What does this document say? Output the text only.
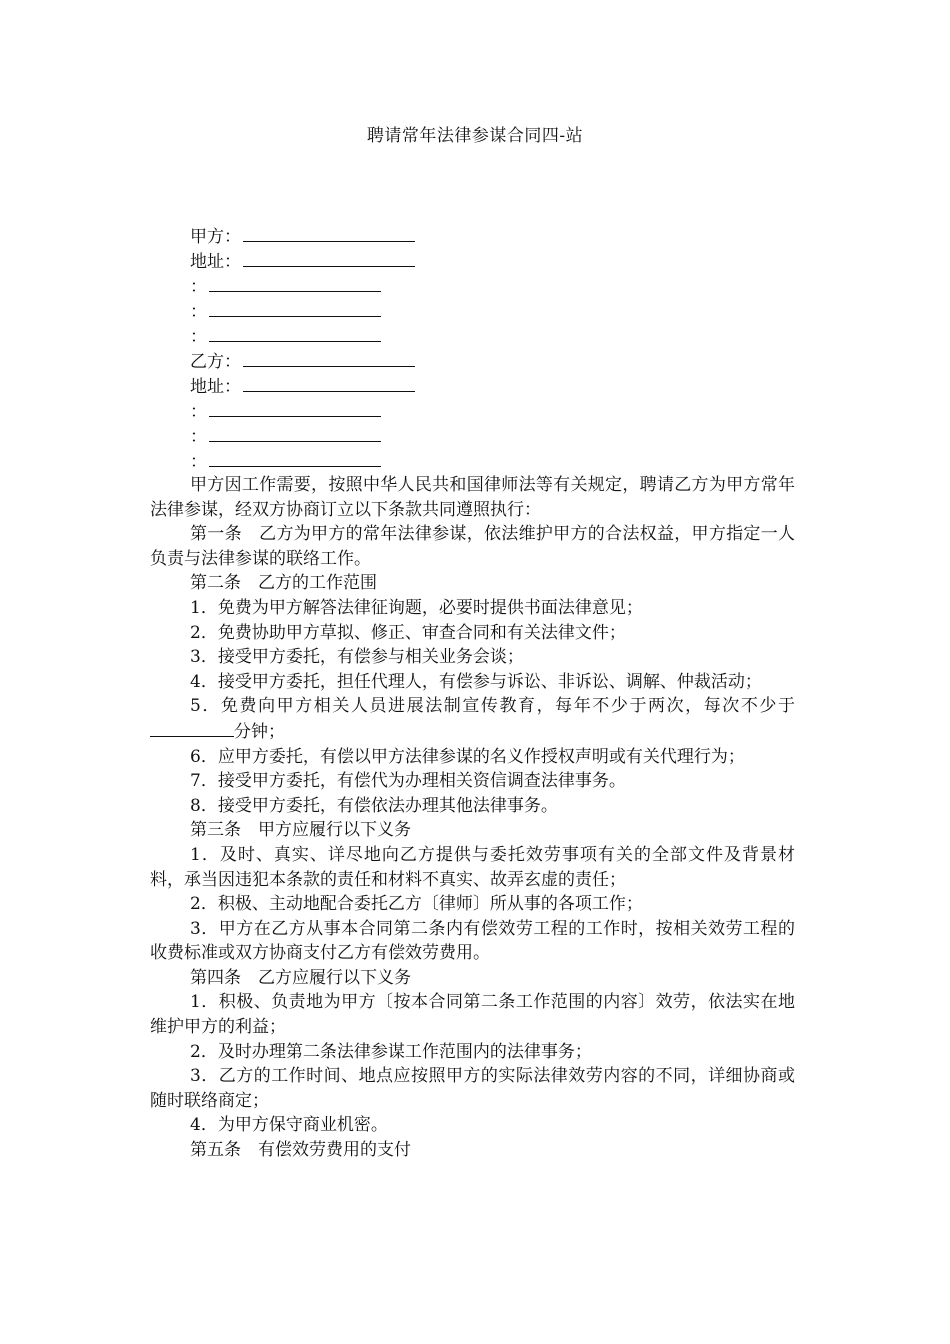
聘请常年法律参谋合同四-站
甲方：
地址：
：
：
：
乙方：
地址：
：
：
：

甲方因工作需要，按照中华人民共和国律师法等有关规定，聘请乙方为甲方常年法律参谋，经双方协商订立以下条款共同遵照执行：

第一条　乙方为甲方的常年法律参谋，依法维护甲方的合法权益，甲方指定一人负责与法律参谋的联络工作。

第二条　乙方的工作范围

1．免费为甲方解答法律征询题，必要时提供书面法律意见；

2．免费协助甲方草拟、修正、审查合同和有关法律文件；

3．接受甲方委托，有偿参与相关业务会谈；

4．接受甲方委托，担任代理人，有偿参与诉讼、非诉讼、调解、仲裁活动；

5．免费向甲方相关人员进展法制宣传教育，每年不少于两次，每次不少于分钟；

6．应甲方委托，有偿以甲方法律参谋的名义作授权声明或有关代理行为；

7．接受甲方委托，有偿代为办理相关资信调查法律事务。

8．接受甲方委托，有偿依法办理其他法律事务。

第三条　甲方应履行以下义务

1．及时、真实、详尽地向乙方提供与委托效劳事项有关的全部文件及背景材料，承当因违犯本条款的责任和材料不真实、故弄玄虚的责任；

2．积极、主动地配合委托乙方〔律师〕所从事的各项工作；

3．甲方在乙方从事本合同第二条内有偿效劳工程的工作时，按相关效劳工程的收费标准或双方协商支付乙方有偿效劳费用。

第四条　乙方应履行以下义务

1．积极、负责地为甲方〔按本合同第二条工作范围的内容〕效劳，依法实在地维护甲方的利益；

2．及时办理第二条法律参谋工作范围内的法律事务；

3．乙方的工作时间、地点应按照甲方的实际法律效劳内容的不同，详细协商或随时联络商定；

4．为甲方保守商业机密。

第五条　有偿效劳费用的支付
